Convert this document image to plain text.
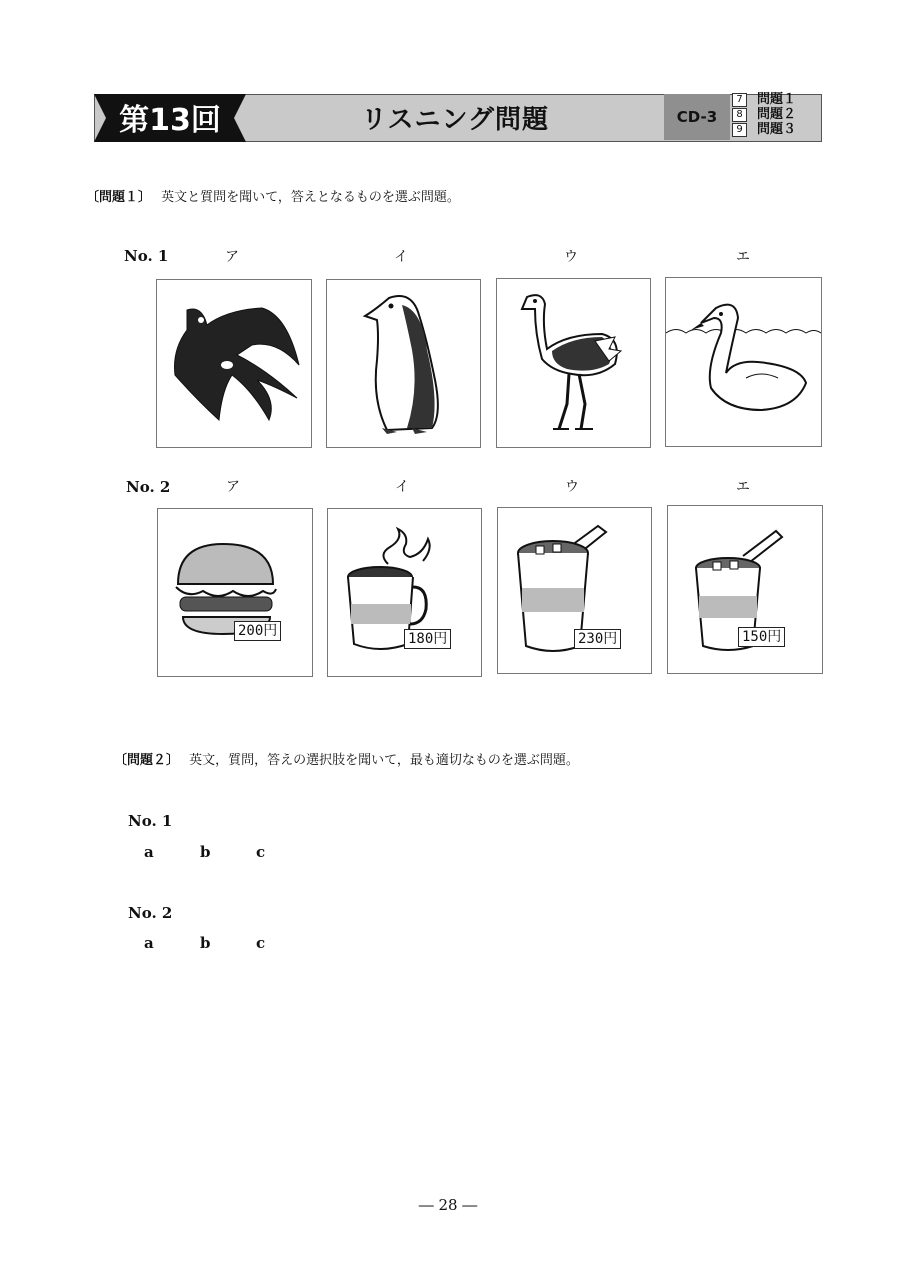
第13回	リスニング問題	CD-3
7	問題１
8	問題２
9	問題３
〔問題１〕 英文と質問を聞いて，答えとなるものを選ぶ問題。
No. 1	ア	イ	ウ	エ
No. 2	ア	イ	ウ	エ
200円	180円	230円	150円
〔問題２〕 英文，質問，答えの選択肢を聞いて，最も適切なものを選ぶ問題。
No. 1
a	b	c
No. 2
a	b	c
― 28 ―
